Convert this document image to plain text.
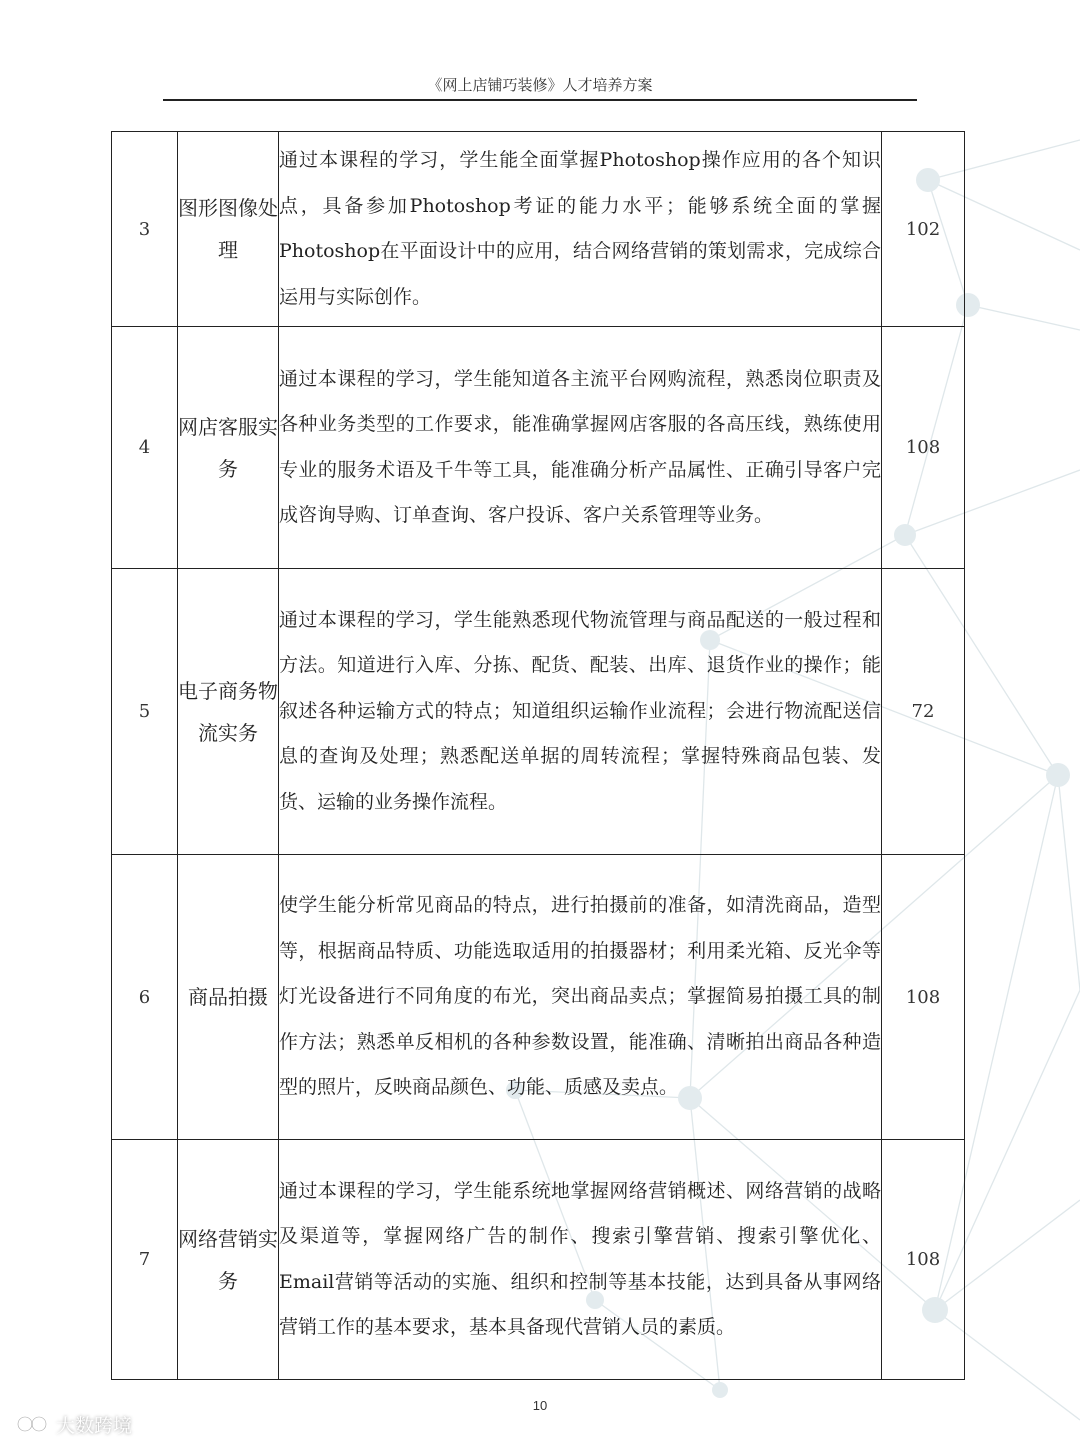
《网上店铺巧装修》人才培养方案
3	图形图像处理	通过本课程的学习，学生能全面掌握Photoshop操作应用的各个知识点，具备参加Photoshop考证的能力水平；能够系统全面的掌握Photoshop在平面设计中的应用，结合网络营销的策划需求，完成综合运用与实际创作。	102
4	网店客服实务	通过本课程的学习，学生能知道各主流平台网购流程，熟悉岗位职责及各种业务类型的工作要求，能准确掌握网店客服的各高压线，熟练使用专业的服务术语及千牛等工具，能准确分析产品属性、正确引导客户完成咨询导购、订单查询、客户投诉、客户关系管理等业务。	108
5	电子商务物流实务	通过本课程的学习，学生能熟悉现代物流管理与商品配送的一般过程和方法。知道进行入库、分拣、配货、配装、出库、退货作业的操作；能叙述各种运输方式的特点；知道组织运输作业流程；会进行物流配送信息的查询及处理；熟悉配送单据的周转流程；掌握特殊商品包装、发货、运输的业务操作流程。	72
6	商品拍摄	使学生能分析常见商品的特点，进行拍摄前的准备，如清洗商品，造型等，根据商品特质、功能选取适用的拍摄器材；利用柔光箱、反光伞等灯光设备进行不同角度的布光，突出商品卖点；掌握简易拍摄工具的制作方法；熟悉单反相机的各种参数设置，能准确、清晰拍出商品各种造型的照片，反映商品颜色、功能、质感及卖点。	108
7	网络营销实务	通过本课程的学习，学生能系统地掌握网络营销概述、网络营销的战略及渠道等，掌握网络广告的制作、搜索引擎营销、搜索引擎优化、Email营销等活动的实施、组织和控制等基本技能，达到具备从事网络营销工作的基本要求，基本具备现代营销人员的素质。	108
10
大数跨境
